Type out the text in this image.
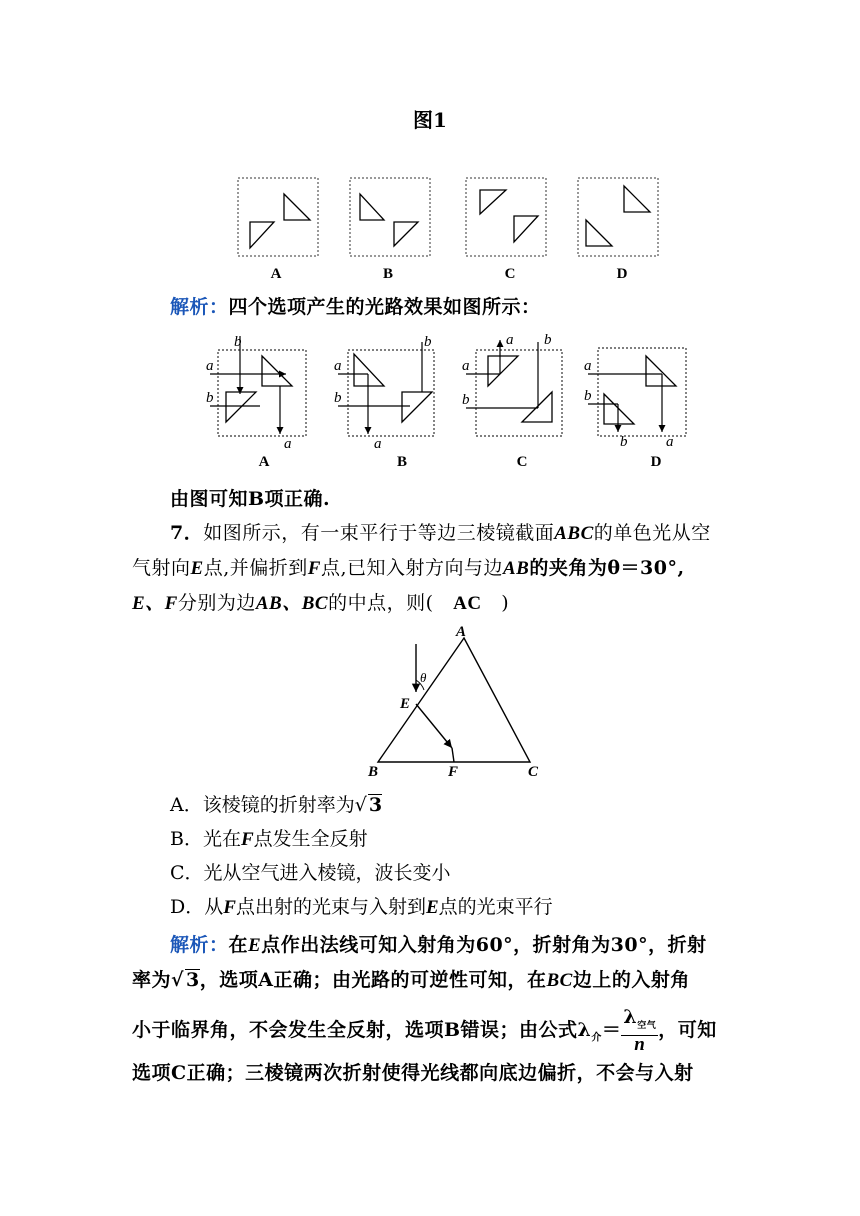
图1
A	B	C	D
解析：四个选项产生的光路效果如图所示：
a
b
b
a
A
a
b
b
a
B
a
b
a b
C
a
b
b	a
D
由图可知B项正确.
7．如图所示，有一束平行于等边三棱镜截面ABC的单色光从空
气射向E点,并偏折到F点,已知入射方向与边AB的夹角为θ＝30°,
E、F分别为边AB、BC的中点，则( AC )
A
B	C
E
F
θ
A．该棱镜的折射率为√ 3
B．光在F点发生全反射
C．光从空气进入棱镜，波长变小
D．从F点出射的光束与入射到E点的光束平行
解析：在E点作出法线可知入射角为60°，折射角为30°，折射
率为√ 3，选项A正确；由光路的可逆性可知，在BC边上的入射角
小于临界角，不会发生全反射，选项B错误；由公式$\lambda_介= \frac{\lambda_{空气}}{n}$ ，可知
选项C正确；三棱镜两次折射使得光线都向底边偏折，不会与入射
